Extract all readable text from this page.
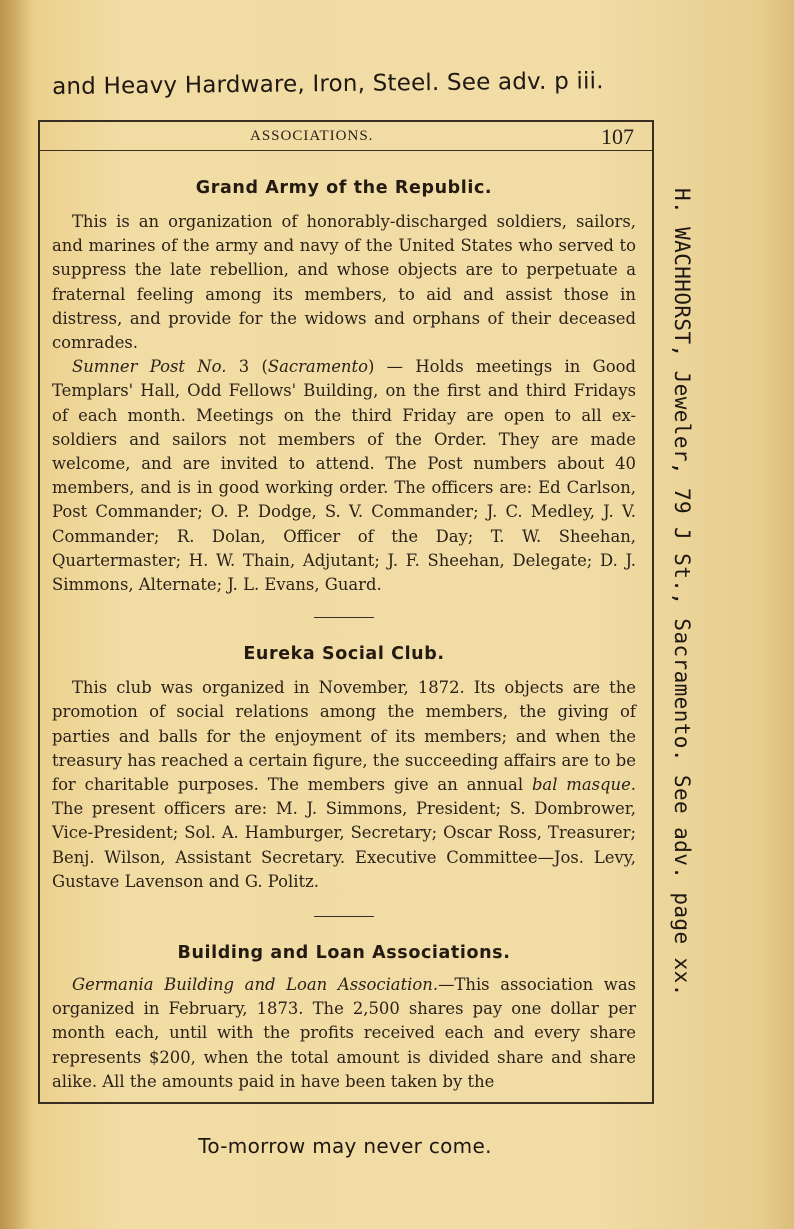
and Heavy Hardware, Iron, Steel. See adv. p iii.
ASSOCIATIONS.	107
Grand Army of the Republic.

This is an organization of honorably-discharged soldiers, sailors, and marines of the army and navy of the United States who served to suppress the late rebellion, and whose objects are to perpetuate a fraternal feeling among its members, to aid and assist those in distress, and provide for the widows and orphans of their deceased comrades.

Sumner Post No. 3 (Sacramento) — Holds meetings in Good Templars' Hall, Odd Fellows' Building, on the first and third Fridays of each month. Meetings on the third Friday are open to all ex-soldiers and sailors not members of the Order. They are made welcome, and are invited to attend. The Post numbers about 40 members, and is in good working order. The officers are: Ed Carlson, Post Commander; O. P. Dodge, S. V. Commander; J. C. Medley, J. V. Commander; R. Dolan, Officer of the Day; T. W. Sheehan, Quartermaster; H. W. Thain, Adjutant; J. F. Sheehan, Delegate; D. J. Simmons, Alternate; J. L. Evans, Guard.

Eureka Social Club.

This club was organized in November, 1872. Its objects are the promotion of social relations among the members, the giving of parties and balls for the enjoyment of its members; and when the treasury has reached a certain figure, the succeeding affairs are to be for charitable purposes. The members give an annual bal masque. The present officers are: M. J. Simmons, President; S. Dombrower, Vice-President; Sol. A. Hamburger, Secretary; Oscar Ross, Treasurer; Benj. Wilson, Assistant Secretary. Executive Committee—Jos. Levy, Gustave Lavenson and G. Politz.

Building and Loan Associations.

Germania Building and Loan Association.—This association was organized in February, 1873. The 2,500 shares pay one dollar per month each, until with the profits received each and every share represents $200, when the total amount is divided share and share alike. All the amounts paid in have been taken by the

H. WACHHORST, Jeweler, 79 J St., Sacramento. See adv. page xx.
To-morrow may never come.
